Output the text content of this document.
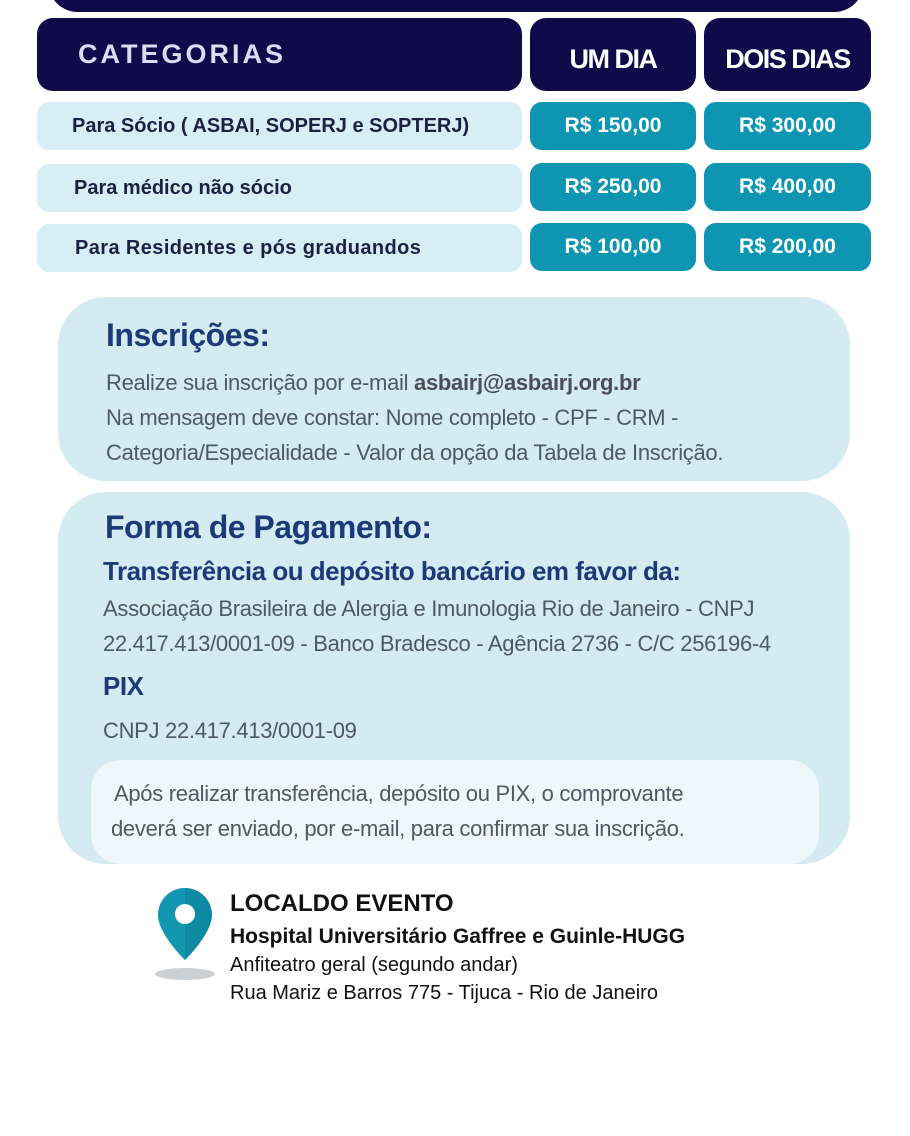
CATEGORIAS	UM DIA	DOIS DIAS
Para Sócio ( ASBAI, SOPERJ e SOPTERJ)	R$ 150,00	R$ 300,00
Para médico não sócio	R$ 250,00	R$ 400,00
Para Residentes e pós graduandos	R$ 100,00	R$ 200,00
Inscrições:
Realize sua inscrição por e-mail asbairj@asbairj.org.br
Na mensagem deve constar: Nome completo - CPF - CRM -
Categoria/Especialidade - Valor da opção da Tabela de Inscrição.
Forma de Pagamento:
Transferência ou depósito bancário em favor da:
Associação Brasileira de Alergia e Imunologia Rio de Janeiro - CNPJ
22.417.413/0001-09 - Banco Bradesco - Agência 2736 - C/C 256196-4
PIX
CNPJ 22.417.413/0001-09
Após realizar transferência, depósito ou PIX, o comprovante
deverá ser enviado, por e-mail, para confirmar sua inscrição.
LOCALDO EVENTO
Hospital Universitário Gaffree e Guinle-HUGG
Anfiteatro geral (segundo andar)
Rua Mariz e Barros 775 - Tijuca - Rio de Janeiro
